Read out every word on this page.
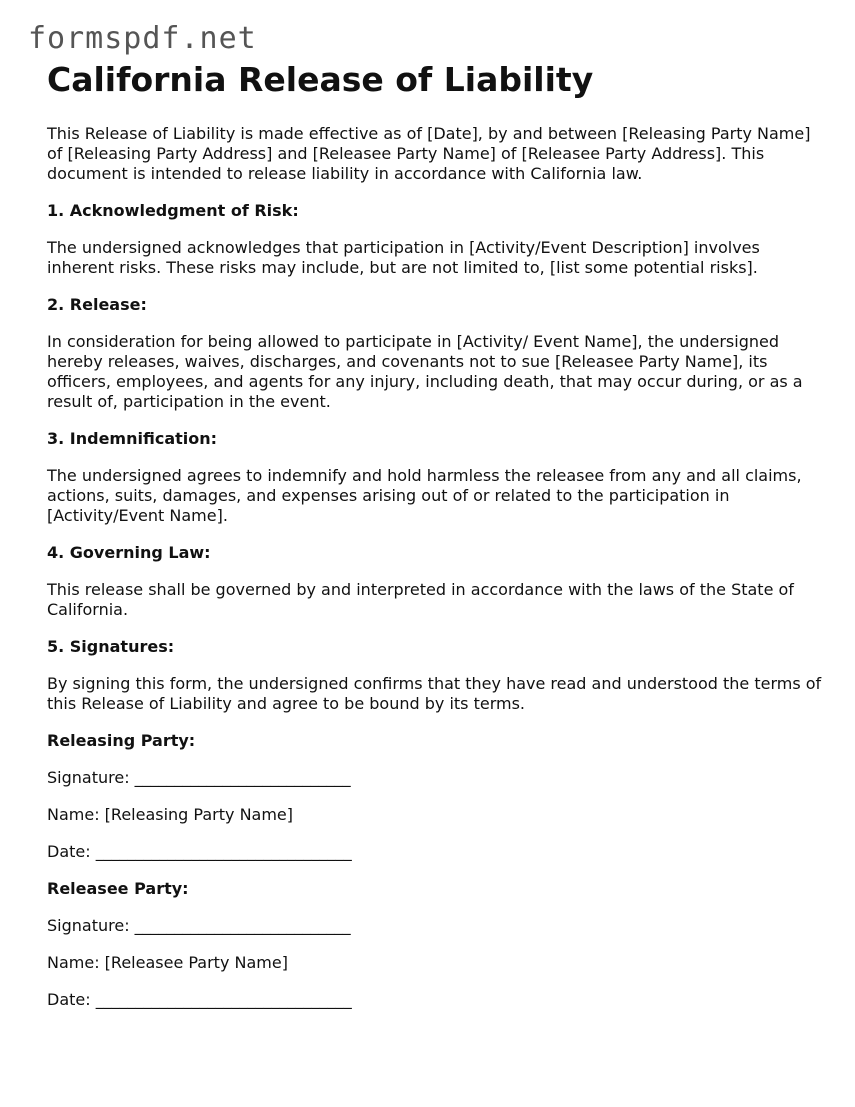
formspdf.net
California Release of Liability

This Release of Liability is made effective as of [Date], by and between [Releasing Party Name] of [Releasing Party Address] and [Releasee Party Name] of [Releasee Party Address]. This document is intended to release liability in accordance with California law.

1. Acknowledgment of Risk:

The undersigned acknowledges that participation in [Activity/Event Description] involves inherent risks. These risks may include, but are not limited to, [list some potential risks].

2. Release:

In consideration for being allowed to participate in [Activity/ Event Name], the undersigned hereby releases, waives, discharges, and covenants not to sue [Releasee Party Name], its officers, employees, and agents for any injury, including death, that may occur during, or as a result of, participation in the event.

3. Indemnification:

The undersigned agrees to indemnify and hold harmless the releasee from any and all claims, actions, suits, damages, and expenses arising out of or related to the participation in [Activity/Event Name].

4. Governing Law:

This release shall be governed by and interpreted in accordance with the laws of the State of California.

5. Signatures:

By signing this form, the undersigned confirms that they have read and understood the terms of this Release of Liability and agree to be bound by its terms.

Releasing Party:
Signature: ___________________________
Name: [Releasing Party Name]
Date: ________________________________
Releasee Party:
Signature: ___________________________
Name: [Releasee Party Name]
Date: ________________________________
